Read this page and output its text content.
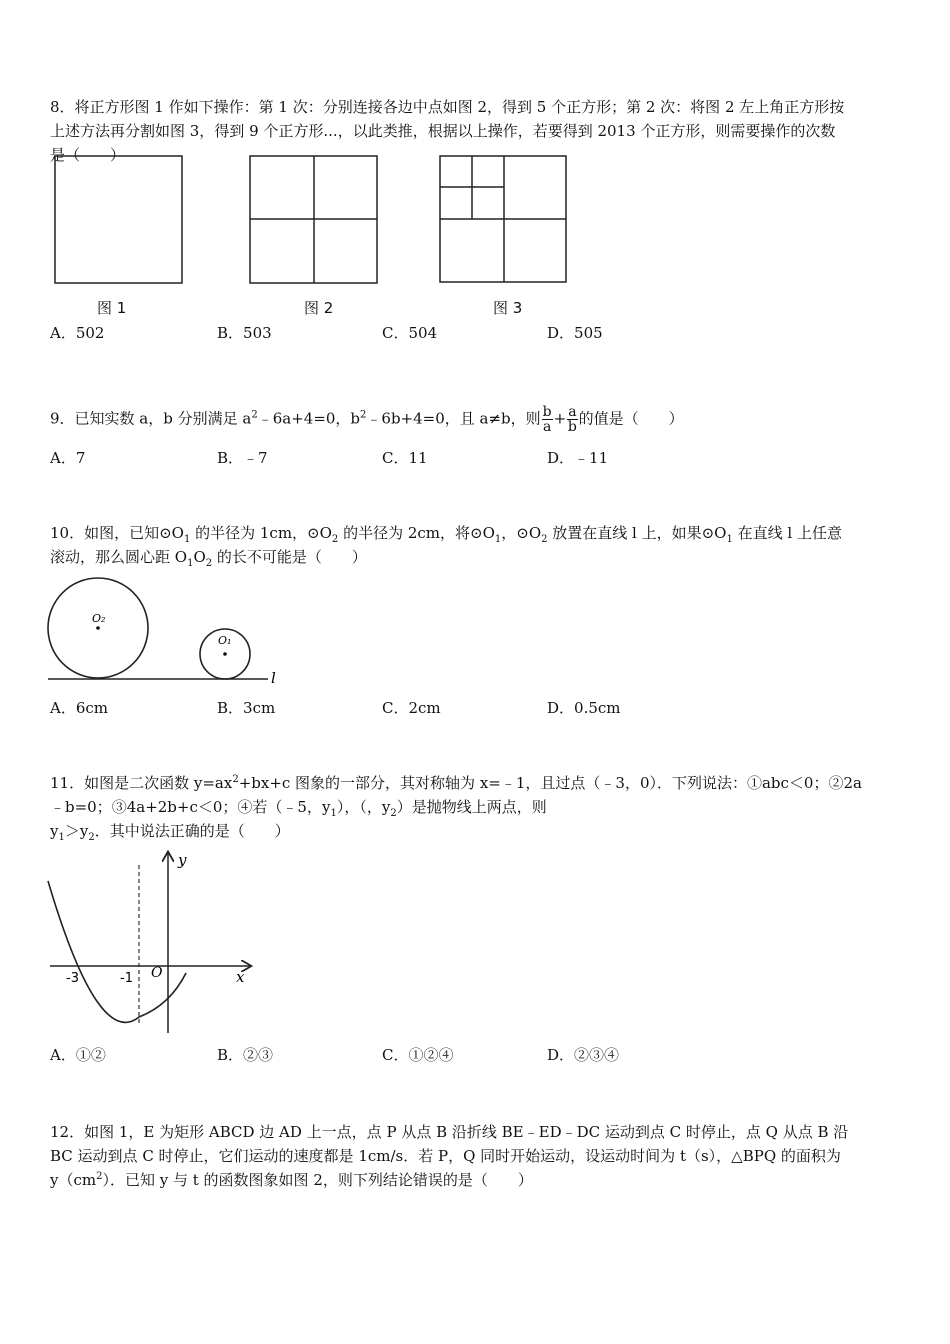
8．将正方形图 1 作如下操作：第 1 次：分别连接各边中点如图 2，得到 5 个正方形；第 2 次：将图 2 左上角正方形按
上述方法再分割如图 3，得到 9 个正方形...，以此类推，根据以上操作，若要得到 2013 个正方形，则需要操作的次数
是（　　）
图 1	图 2	图 3
A．502	B．503	C．504	D．505
9．已知实数 a，b 分别满足 $a^2﹣6a+4=0$，$b^2﹣6b+4=0$，且 a≠b，则 $\frac{b}{a} + \frac{a}{b}$ 的值是（　　）
A．7	B．﹣7	C．11	D．﹣11
10．如图，已知$⊙O_1$ 的半径为 1cm，$⊙O_2$ 的半径为 2cm，将$⊙O_1$，$⊙O_2$ 放置在直线 l 上，如果$⊙O_1$ 在直线 l 上任意
滚动，那么圆心距 $O_1O_2$ 的长不可能是（　　）
O₂
O₁
l
A．6cm	B．3cm	C．2cm	D．0.5cm
11．如图是二次函数 $y=ax^2+bx+c$ 图象的一部分，其对称轴为 x=﹣1，且过点（﹣3，0）．下列说法：①abc＜0；②2a
﹣b=0；③4a+2b+c＜0；④若（﹣5，$y_1$），（，$y_2$）是抛物线上两点，则
$y_1>y_2$．其中说法正确的是（　　）
y
x
-3	-1 O
A．①②	B．②③	C．①②④	D．②③④
12．如图 1，E 为矩形 ABCD 边 AD 上一点，点 P 从点 B 沿折线 BE﹣ED﹣DC 运动到点 C 时停止，点 Q 从点 B 沿
BC 运动到点 C 时停止，它们运动的速度都是 1cm/s．若 P，Q 同时开始运动，设运动时间为 t（s），△BPQ 的面积为
$y(cm^2)$．已知 y 与 t 的函数图象如图 2，则下列结论错误的是（　　）
